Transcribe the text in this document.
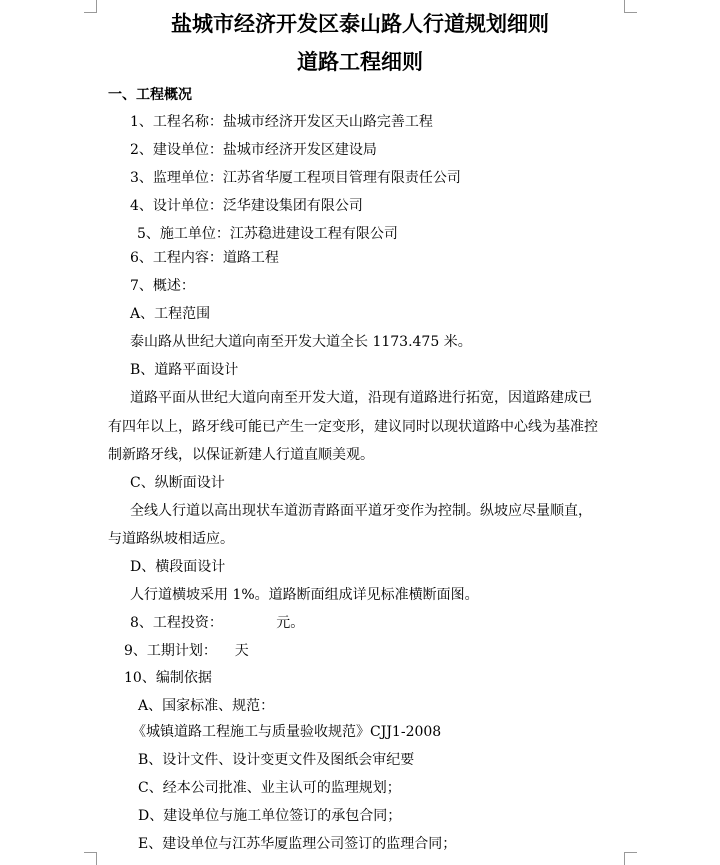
盐城市经济开发区泰山路人行道规划细则
道路工程细则
一、工程概况
1、工程名称：盐城市经济开发区天山路完善工程
2、建设单位：盐城市经济开发区建设局
3、监理单位：江苏省华厦工程项目管理有限责任公司
4、设计单位：泛华建设集团有限公司
5、施工单位：江苏稳进建设工程有限公司
6、工程内容：道路工程
7、概述：
A、工程范围
泰山路从世纪大道向南至开发大道全长 1173.475 米。
B、道路平面设计
道路平面从世纪大道向南至开发大道，沿现有道路进行拓宽，因道路建成已
有四年以上，路牙线可能已产生一定变形，建议同时以现状道路中心线为基准控
制新路牙线，以保证新建人行道直顺美观。
C、纵断面设计
全线人行道以高出现状车道沥青路面平道牙变作为控制。纵坡应尽量顺直，
与道路纵坡相适应。
D、横段面设计
人行道横坡采用 1%。道路断面组成详见标准横断面图。
8、工程投资：            元。
9、工期计划：    天
10、编制依据
A、国家标准、规范：
《城镇道路工程施工与质量验收规范》CJJ1-2008
B、设计文件、设计变更文件及图纸会审纪要
C、经本公司批准、业主认可的监理规划；
D、建设单位与施工单位签订的承包合同；
E、建设单位与江苏华厦监理公司签订的监理合同；
